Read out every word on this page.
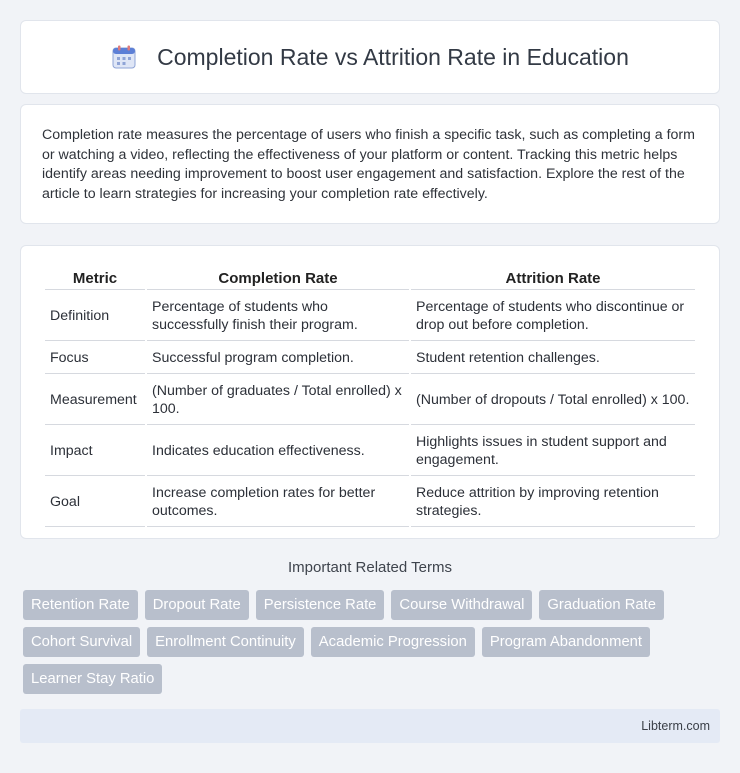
Completion Rate vs Attrition Rate in Education

Completion rate measures the percentage of users who finish a specific task, such as completing a form or watching a video, reflecting the effectiveness of your platform or content. Tracking this metric helps identify areas needing improvement to boost user engagement and satisfaction. Explore the rest of the article to learn strategies for increasing your completion rate effectively.

Metric	Completion Rate	Attrition Rate
Definition	Percentage of students who successfully finish their program.	Percentage of students who discontinue or drop out before completion.
Focus	Successful program completion.	Student retention challenges.
Measurement	(Number of graduates / Total enrolled) x 100.	(Number of dropouts / Total enrolled) x 100.
Impact	Indicates education effectiveness.	Highlights issues in student support and engagement.
Goal	Increase completion rates for better outcomes.	Reduce attrition by improving retention strategies.
Important Related Terms
Retention Rate	Dropout Rate	Persistence Rate	Course Withdrawal	Graduation Rate
Cohort Survival	Enrollment Continuity	Academic Progression	Program Abandonment
Learner Stay Ratio
Libterm.com
